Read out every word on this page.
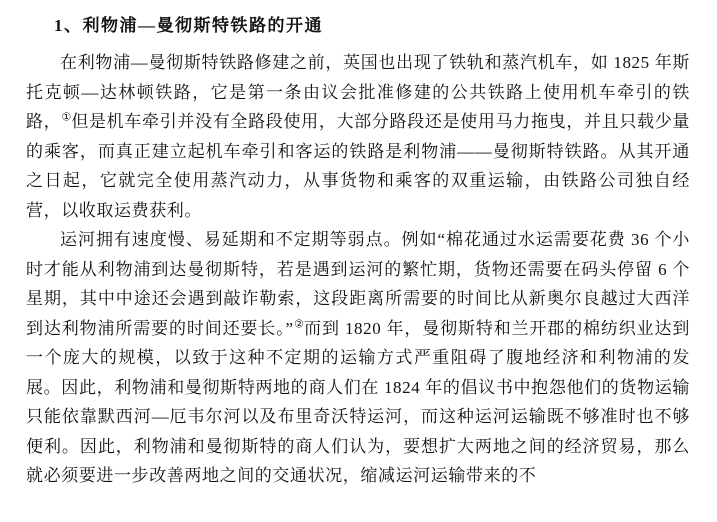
1、利物浦—曼彻斯特铁路的开通

在利物浦—曼彻斯特铁路修建之前，英国也出现了铁轨和蒸汽机车，如 1825 年斯托克顿—达林顿铁路，它是第一条由议会批准修建的公共铁路上使用机车牵引的铁路，①但是机车牵引并没有全路段使用，大部分路段还是使用马力拖曳，并且只载少量的乘客，而真正建立起机车牵引和客运的铁路是利物浦——曼彻斯特铁路。从其开通之日起，它就完全使用蒸汽动力，从事货物和乘客的双重运输，由铁路公司独自经营，以收取运费获利。

运河拥有速度慢、易延期和不定期等弱点。例如“棉花通过水运需要花费 36 个小时才能从利物浦到达曼彻斯特，若是遇到运河的繁忙期，货物还需要在码头停留 6 个星期，其中中途还会遇到敲诈勒索，这段距离所需要的时间比从新奥尔良越过大西洋到达利物浦所需要的时间还要长。”②而到 1820 年，曼彻斯特和兰开郡的棉纺织业达到一个庞大的规模，以致于这种不定期的运输方式严重阻碍了腹地经济和利物浦的发展。因此，利物浦和曼彻斯特两地的商人们在 1824 年的倡议书中抱怨他们的货物运输只能依靠默西河—厄韦尔河以及布里奇沃特运河，而这种运河运输既不够准时也不够便利。因此，利物浦和曼彻斯特的商人们认为，要想扩大两地之间的经济贸易，那么就必须要进一步改善两地之间的交通状况，缩减运河运输带来的不
